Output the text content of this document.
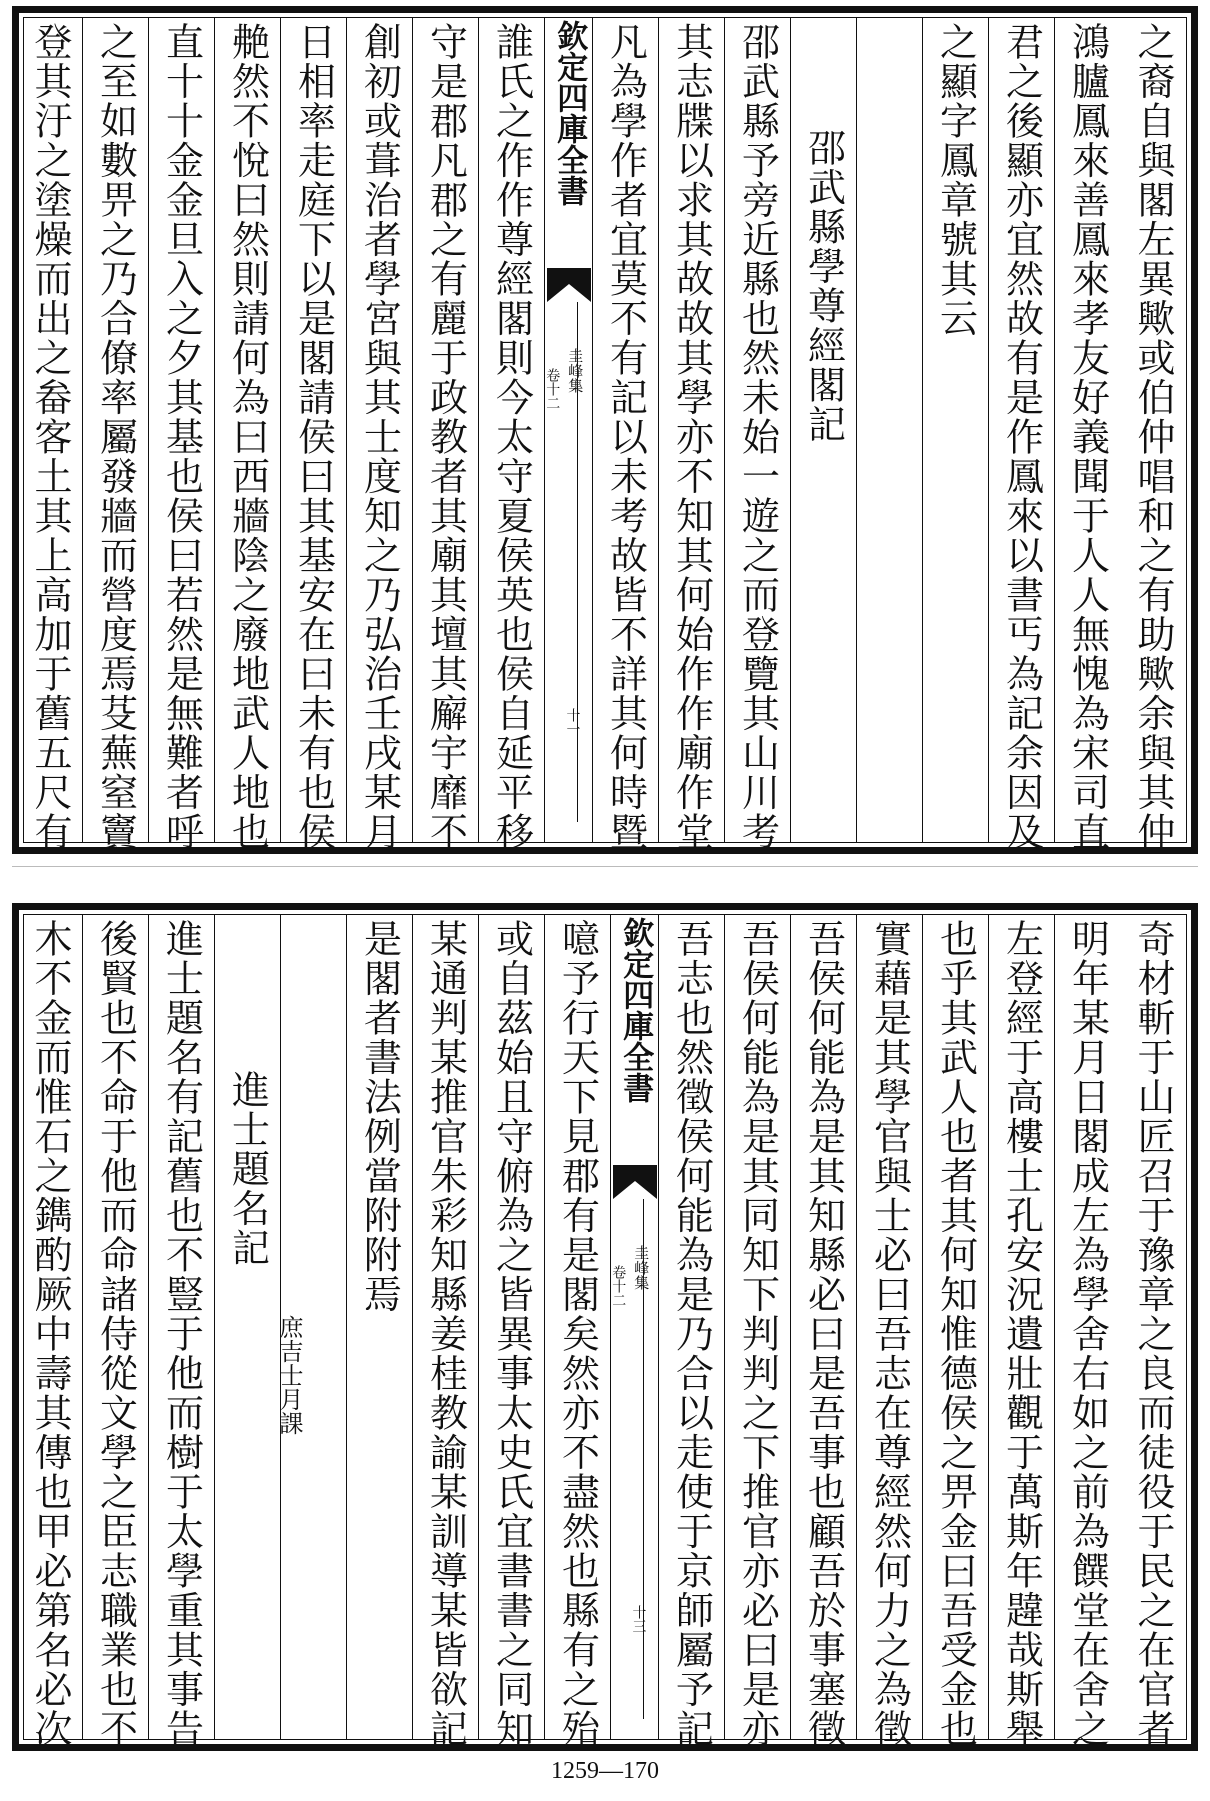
之裔自與閣左異歟或伯仲唱和之有助歟余與其仲
鴻臚鳳來善鳳來孝友好義聞于人人無愧為宋司直
君之後顯亦宜然故有是作鳳來以書丐為記余因及
之顯字鳳章號其云
邵武縣學尊經閣記
邵武縣予旁近縣也然未始一遊之而登覽其山川考
其志牒以求其故故其學亦不知其何始作作廟作堂
凡為學作者宜莫不有記以未考故皆不詳其何時暨
欽定四庫全書
圭峰集
卷十二
十一
誰氏之作作尊經閣則今太守夏侯英也侯自延平移
守是郡凡郡之有麗于政教者其廟其壇其廨宇靡不
創初或葺治者學宮與其士度知之乃弘治壬戌某月
日相率走庭下以是閣請侯曰其基安在曰未有也侯
艴然不悅曰然則請何為曰西牆陰之廢地武人地也
直十十金金旦入之夕其基也侯曰若然是無難者呼
之至如數畀之乃合僚率屬發牆而營度焉芟蕪窒竇
登其汙之塗燥而出之畚客土其上高加于舊五尺有
奇材斬于山匠召于豫章之良而徒役于民之在官者
明年某月日閣成左為學舍右如之前為饌堂在舍之
左登經于高樓士孔安況遺壯觀于萬斯年韙哉斯舉
也乎其武人也者其何知惟德侯之畀金曰吾受金也
實藉是其學官與士必曰吾志在尊經然何力之為徵
吾侯何能為是其知縣必曰是吾事也顧吾於事塞徵
吾侯何能為是其同知下判判之下推官亦必曰是亦
吾志也然徵侯何能為是乃合以走使于京師屬予記
欽定四庫全書
圭峰集
卷十二
十三
噫予行天下見郡有是閣矣然亦不盡然也縣有之殆
或自茲始且守俯為之皆異事太史氏宜書書之同知
某通判某推官朱彩知縣姜桂教諭某訓導某皆欲記
是閣者書法例當附附焉
進士題名記
進士題名有記舊也不豎于他而樹于太學重其事告
後賢也不命于他而命諸侍從文學之臣志職業也不
木不金而惟石之鐫酌厥中壽其傳也甲必第名必次	庶吉士月課
1259—170
